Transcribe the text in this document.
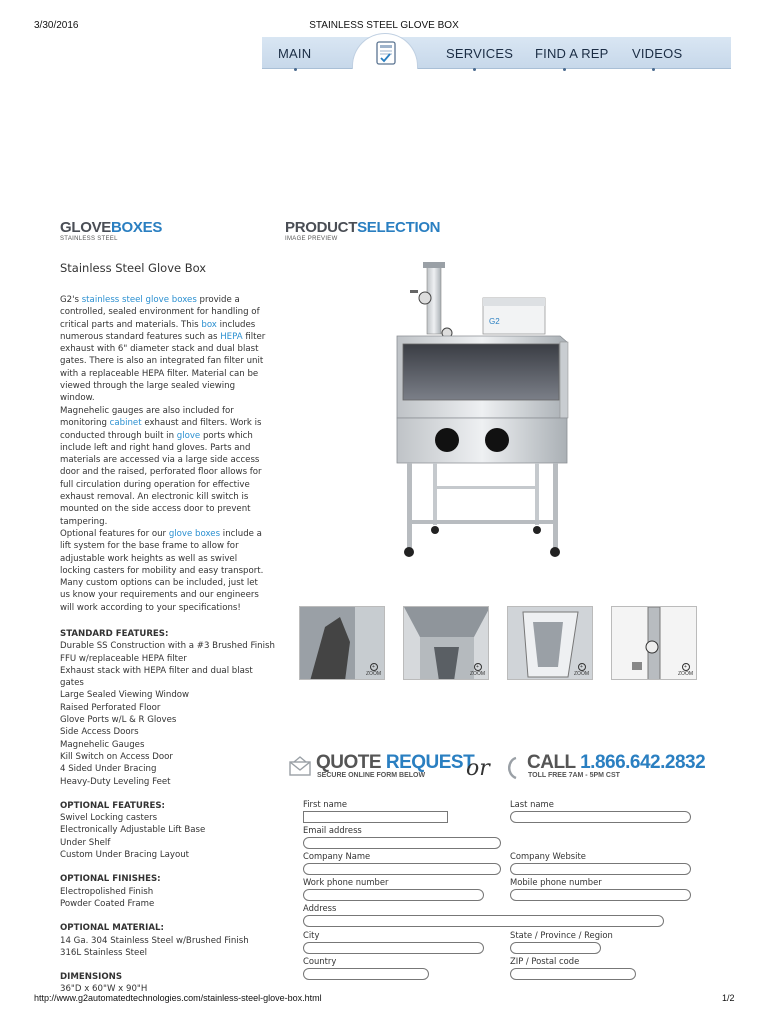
3/30/2016	STAINLESS STEEL GLOVE BOX
MAIN	SERVICES FIND A REP VIDEOS
GLOVEBOXES
STAINLESS STEEL
Stainless Steel Glove Box
G2's stainless steel glove boxes provide a controlled, sealed environment for handling of critical parts and materials. This box includes numerous standard features such as HEPA filter exhaust with 6" diameter stack and dual blast gates. There is also an integrated fan filter unit with a replaceable HEPA filter. Material can be viewed through the large sealed viewing window.
Magnehelic gauges are also included for monitoring cabinet exhaust and filters. Work is conducted through built in glove ports which include left and right hand gloves. Parts and materials are accessed via a large side access door and the raised, perforated floor allows for full circulation during operation for effective exhaust removal. An electronic kill switch is mounted on the side access door to prevent tampering.
Optional features for our glove boxes include a lift system for the base frame to allow for adjustable work heights as well as swivel locking casters for mobility and easy transport. Many custom options can be included, just let us know your requirements and our engineers will work according to your specifications!
STANDARD FEATURES:
Durable SS Construction with a #3 Brushed Finish
FFU w/replaceable HEPA filter
Exhaust stack with HEPA filter and dual blast gates
Large Sealed Viewing Window
Raised Perforated Floor
Glove Ports w/L & R Gloves
Side Access Doors
Magnehelic Gauges
Kill Switch on Access Door
4 Sided Under Bracing
Heavy-Duty Leveling Feet
OPTIONAL FEATURES:
Swivel Locking casters
Electronically Adjustable Lift Base
Under Shelf
Custom Under Bracing Layout
OPTIONAL FINISHES:
Electropolished Finish
Powder Coated Frame
OPTIONAL MATERIAL:
14 Ga. 304 Stainless Steel w/Brushed Finish
316L Stainless Steel
DIMENSIONS
36"D x 60"W x 90"H
PRODUCTSELECTION
IMAGE PREVIEW
G2
+
ZOOM
+
ZOOM
+
ZOOM
+
ZOOM
QUOTE REQUEST
SECURE ONLINE FORM BELOW or CALL 1.866.642.2832
TOLL FREE 7AM - 5PM CST
First name	Last name
Email address
Company Name	Company Website
Work phone number	Mobile phone number
Address
City	State / Province / Region
Country	ZIP / Postal code
http://www.g2automatedtechnologies.com/stainless-steel-glove-box.html	1/2
